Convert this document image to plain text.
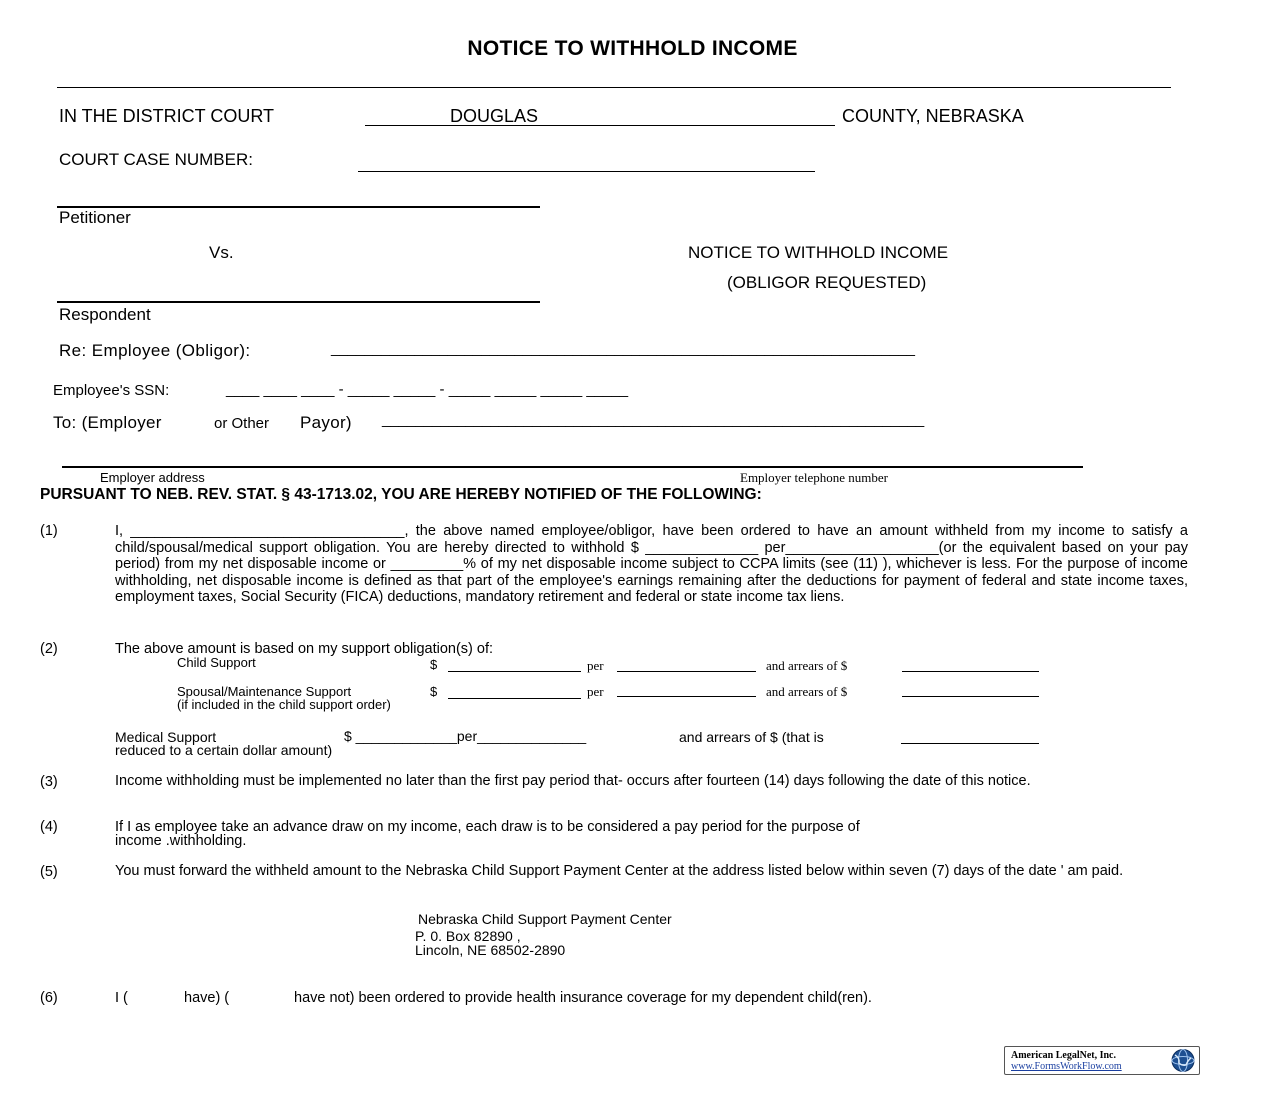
NOTICE TO WITHHOLD INCOME
IN THE DISTRICT COURT	DOUGLAS	COUNTY, NEBRASKA
COURT CASE NUMBER:
Petitioner
Vs.	NOTICE TO WITHHOLD INCOME
(OBLIGOR REQUESTED)
Respondent
Re: Employee (Obligor):	______________________________________________________________________
Employee's SSN:	____ ____ ____ - _____ _____ - _____ _____ _____ _____
To: (Employer	or Other Payor) _________________________________________________________________
Employer address	Employer telephone number
PURSUANT TO NEB. REV. STAT. § 43-1713.02, YOU ARE HEREBY NOTIFIED OF THE FOLLOWING:
(1)	I, __________________________________, the above named employee/obligor, have been ordered to have an amount withheld from my income to satisfy a child/spousal/medical support obligation. You are hereby directed to withhold $ ______________ per___________________(or the equivalent based on your pay period) from my net disposable income or _________% of my net disposable income subject to CCPA limits (see (11) ), whichever is less. For the purpose of income withholding, net disposable income is defined as that part of the employee's earnings remaining after the deductions for payment of federal and state income taxes, employment taxes, Social Security (FICA) deductions, mandatory retirement and federal or state income tax liens.
(2)	The above amount is based on my support obligation(s) of:
Child Support	$	per	and arrears of $
Spousal/Maintenance Support	$	per	and arrears of $
(if included in the child support order)
Medical Support	$ _____________per______________	and arrears of $ (that is
reduced to a certain dollar amount)
(3)	Income withholding must be implemented no later than the first pay period that- occurs after fourteen (14) days following the date of this notice.
(4)	If I as employee take an advance draw on my income, each draw is to be considered a pay period for the purpose of
income .withholding.
(5)	You must forward the withheld amount to the Nebraska Child Support Payment Center at the address listed below within seven (7) days of the date ' am paid.
Nebraska Child Support Payment Center
P. 0. Box 82890 ,
Lincoln, NE 68502-2890
(6)	I (	have) (	have not) been ordered to provide health insurance coverage for my dependent child(ren).
American LegalNet, Inc.
www.FormsWorkFlow.com
